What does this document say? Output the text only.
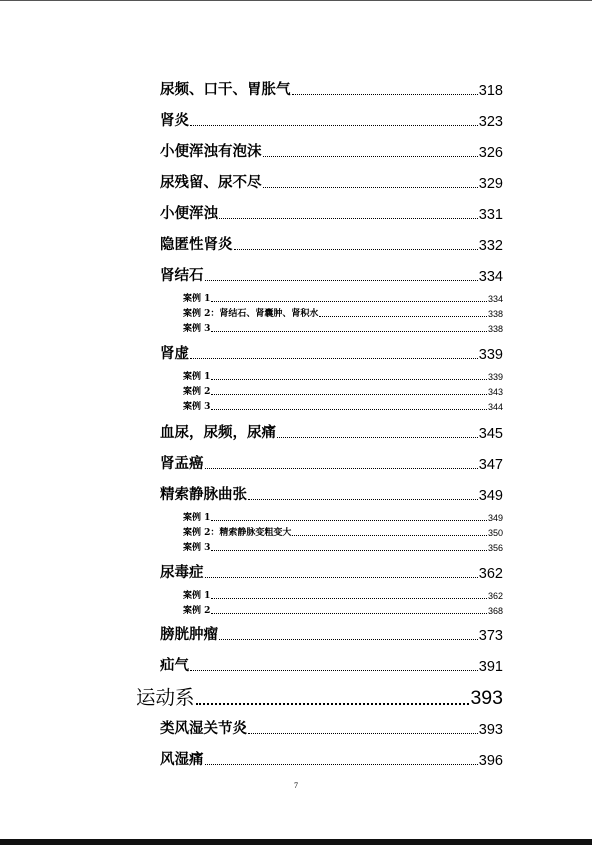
尿频、口干、胃胀气	318
肾炎	323
小便浑浊有泡沫	326
尿残留、尿不尽	329
小便浑浊	331
隐匿性肾炎	332
肾结石	334
案例 1	334
案例 2：肾结石、肾囊肿、肾积水	338
案例 3	338
肾虚	339
案例 1	339
案例 2	343
案例 3	344
血尿，尿频，尿痛	345
肾盂癌	347
精索静脉曲张	349
案例 1	349
案例 2：精索静脉变粗变大	350
案例 3	356
尿毒症	362
案例 1	362
案例 2	368
膀胱肿瘤	373
疝气	391
运动系	393
类风湿关节炎	393
风湿痛	396
7
